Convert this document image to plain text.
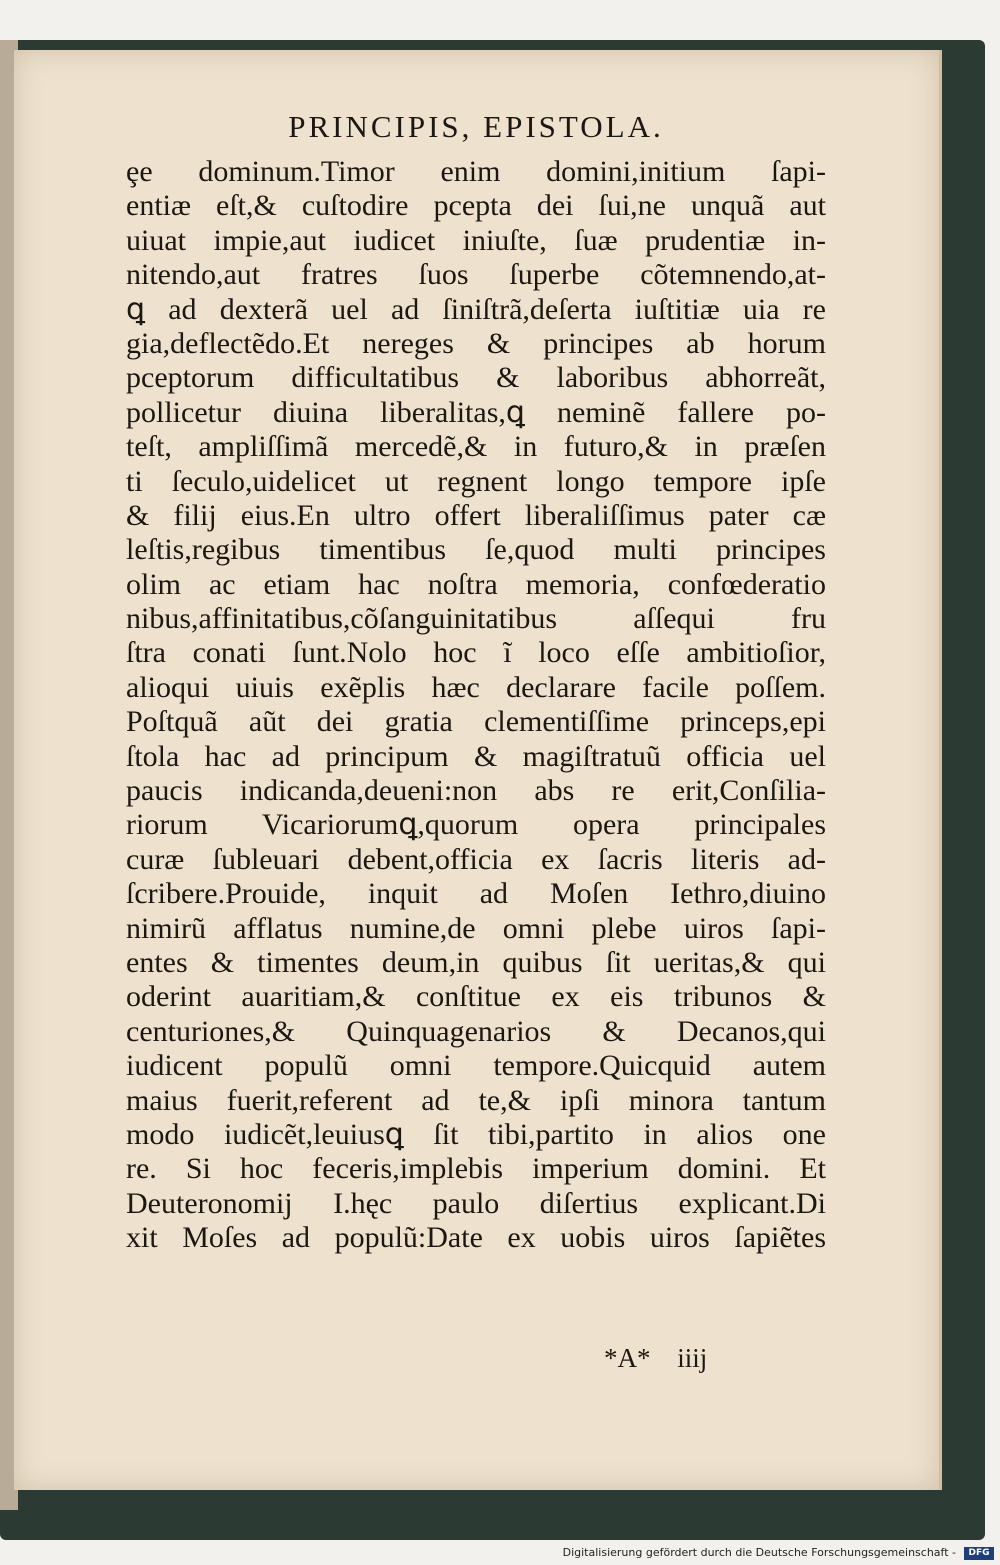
PRINCIPIS, EPISTOLA.
ȩe dominum.Timor enim domini,initium ſapi-
entiæ eſt,& cuſtodire pcepta dei ſui,ne unquã aut
uiuat impie,aut iudicet iniuſte, ſuæ prudentiæ in-
nitendo,aut fratres ſuos ſuperbe cõtemnendo,at-
ꝗ ad dexterã uel ad ſiniſtrã,deſerta iuſtitiæ uia re
gia,deflectẽdo.Et nereges & principes ab horum
pceptorum difficultatibus & laboribus abhorreãt,
pollicetur diuina liberalitas,ꝗ neminẽ fallere po-
teſt, ampliſſimã mercedẽ,& in futuro,& in præſen
ti ſeculo,uidelicet ut regnent longo tempore ipſe
& filij eius.En ultro offert liberaliſſimus pater cæ
leſtis,regibus timentibus ſe,quod multi principes
olim ac etiam hac noſtra memoria, confœderatio
nibus,affinitatibus,cõſanguinitatibus aſſequi fru
ſtra conati ſunt.Nolo hoc ĩ loco eſſe ambitioſior,
alioqui uiuis exẽplis hæc declarare facile poſſem.
Poſtquã aũt dei gratia clementiſſime princeps,epi
ſtola hac ad principum & magiſtratuũ officia uel
paucis indicanda,deueni:non abs re erit,Conſilia-
riorum Vicariorumꝗ,quorum opera principales
curæ ſubleuari debent,officia ex ſacris literis ad-
ſcribere.Prouide, inquit ad Moſen Iethro,diuino
nimirũ afflatus numine,de omni plebe uiros ſapi-
entes & timentes deum,in quibus ſit ueritas,& qui
oderint auaritiam,& conſtitue ex eis tribunos &
centuriones,& Quinquagenarios & Decanos,qui
iudicent populũ omni tempore.Quicquid autem
maius fuerit,referent ad te,& ipſi minora tantum
modo iudicẽt,leuiusꝗ ſit tibi,partito in alios one
re. Si hoc feceris,implebis imperium domini. Et
Deuteronomij I.hęc paulo diſertius explicant.Di
xit Moſes ad populũ:Date ex uobis uiros ſapiẽtes
*A* iiij
Digitalisierung gefördert durch die Deutsche Forschungsgemeinschaft -	DFG
